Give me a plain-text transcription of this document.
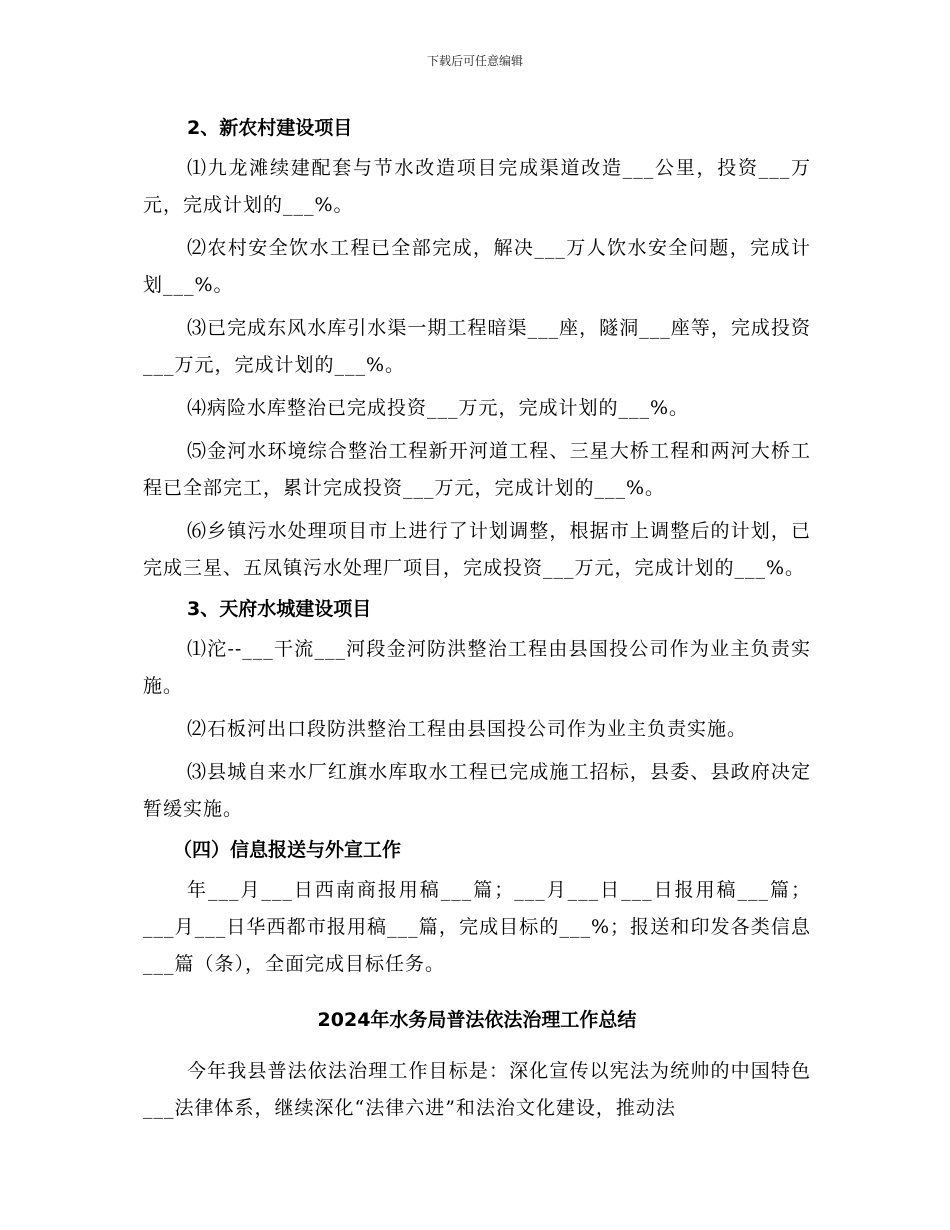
下载后可任意编辑
2、新农村建设项目

⑴九龙滩续建配套与节水改造项目完成渠道改造___公里，投资___万元，完成计划的___%。

⑵农村安全饮水工程已全部完成，解决___万人饮水安全问题，完成计划___%。

⑶已完成东风水库引水渠一期工程暗渠___座，隧洞___座等，完成投资___万元，完成计划的___%。

⑷病险水库整治已完成投资___万元，完成计划的___%。

⑸金河水环境综合整治工程新开河道工程、三星大桥工程和两河大桥工程已全部完工，累计完成投资___万元，完成计划的___%。

⑹乡镇污水处理项目市上进行了计划调整，根据市上调整后的计划，已完成三星、五凤镇污水处理厂项目，完成投资___万元，完成计划的___%。

3、天府水城建设项目

⑴沱--___干流___河段金河防洪整治工程由县国投公司作为业主负责实施。

⑵石板河出口段防洪整治工程由县国投公司作为业主负责实施。

⑶县城自来水厂红旗水库取水工程已完成施工招标，县委、县政府决定暂缓实施。

（四）信息报送与外宣工作

年___月___日西南商报用稿___篇；___月___日___日报用稿___篇；___月___日华西都市报用稿___篇，完成目标的___%；报送和印发各类信息___篇（条），全面完成目标任务。

2024年水务局普法依法治理工作总结

今年我县普法依法治理工作目标是：深化宣传以宪法为统帅的中国特色___法律体系，继续深化“法律六进”和法治文化建设，推动法
